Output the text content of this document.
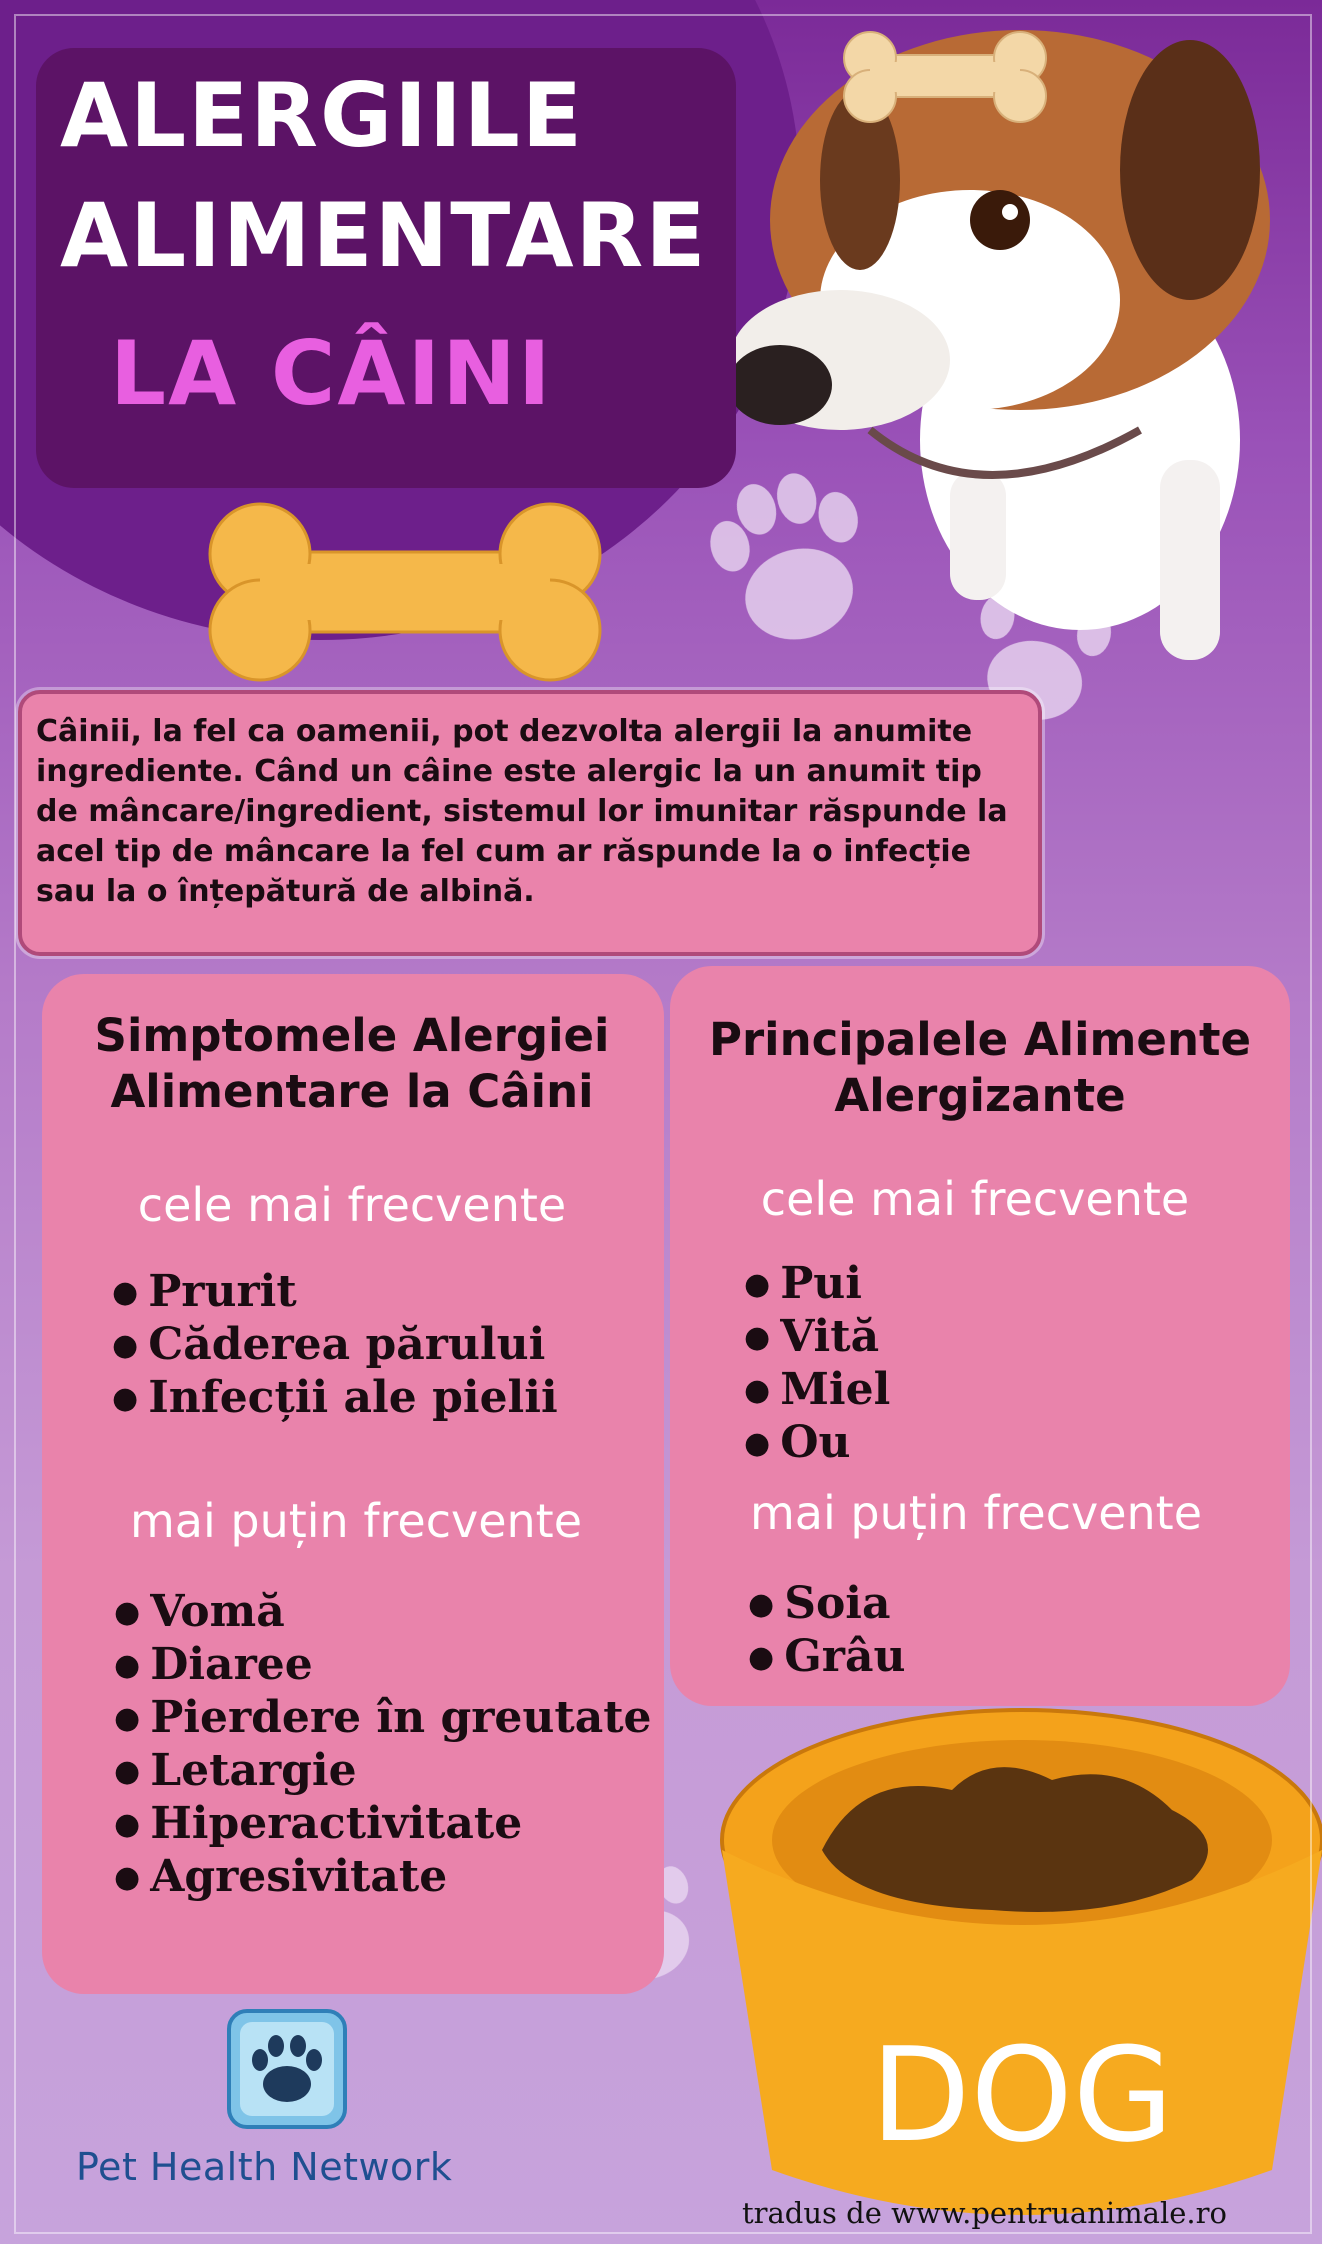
ALERGIILE
ALIMENTARE
LA CÂINI
Câinii, la fel ca oamenii, pot dezvolta alergii la anumite ingrediente. Când un câine este alergic la un anumit tip de mâncare/ingredient, sistemul lor imunitar răspunde la acel tip de mâncare la fel cum ar răspunde la o infecție sau la o înțepătură de albină.
DOG
Simptomele Alergiei Alimentare la Câini
cele mai frecvente
● Prurit
● Căderea părului
● Infecții ale pielii
mai puțin frecvente
● Vomă
● Diaree
● Pierdere în greutate
● Letargie
● Hiperactivitate
● Agresivitate
Principalele Alimente Alergizante
cele mai frecvente
● Pui
● Vită
● Miel
● Ou
mai puțin frecvente
● Soia
● Grâu
Pet Health Network
tradus de www.pentruanimale.ro
